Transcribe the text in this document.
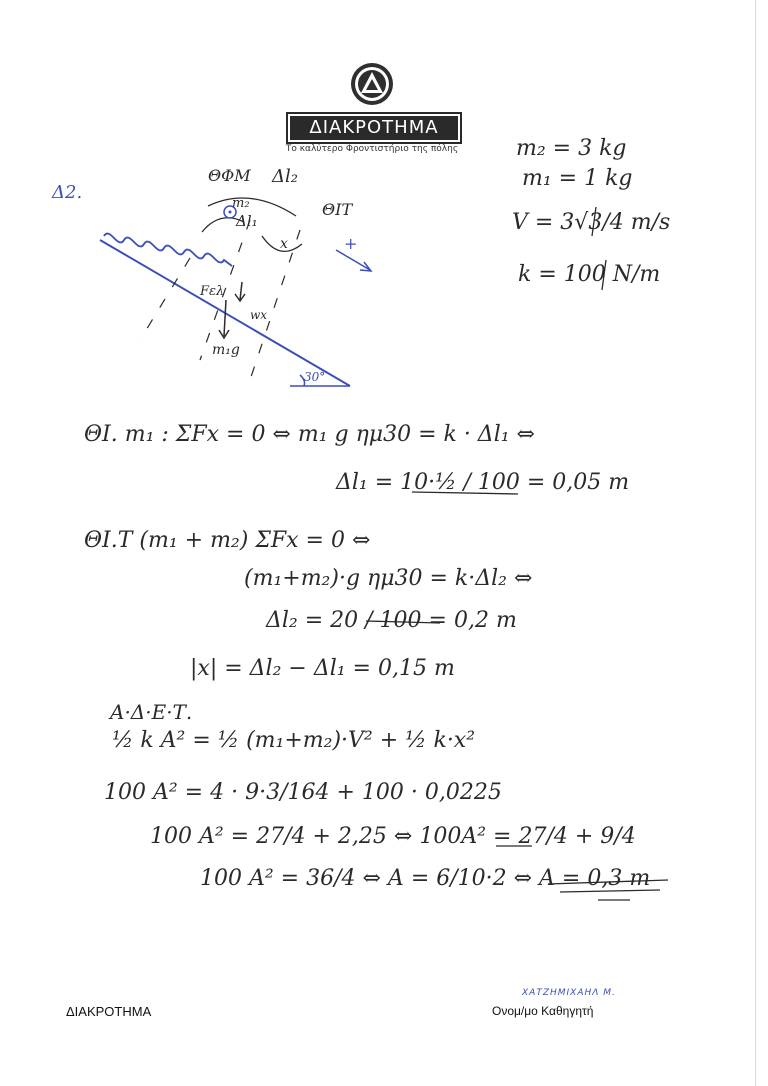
ΔΙΑΚΡΟΤΗΜΑ
Το καλύτερο Φροντιστήριο της πόλης
Δ2.
ΘΦΜ Δl₂
ΘΙΤ
m₂
Δl₁
x	+
Fελ
wx
m₁g
30°
m₂ = 3 kg
m₁ = 1 kg
V = 3√3/4 m/s
k = 100 N/m
ΘΙ. m₁ : ΣFx = 0 ⇔ m₁ g ημ30 = k · Δl₁ ⇔
Δl₁ = 10·½ / 100 = 0,05 m
ΘΙ.Τ (m₁ + m₂) ΣFx = 0 ⇔
(m₁+m₂)·g ημ30 = k·Δl₂ ⇔
Δl₂ = 20 / 100 = 0,2 m
|x| = Δl₂ − Δl₁ = 0,15 m
Α·Δ·Ε·Τ.
½ k A² = ½ (m₁+m₂)·V² + ½ k·x²
100 A² = 4 · 9·3/164 + 100 · 0,0225
100 A² = 27/4 + 2,25 ⇔ 100A² = 27/4 + 9/4
100 A² = 36/4 ⇔ A = 6/10·2 ⇔ A = 0,3 m
ΔΙΑΚΡΟΤΗΜΑ
ΧΑΤΖΗΜΙΧΑΗΛ Μ.
Ονομ/μο Καθηγητή
